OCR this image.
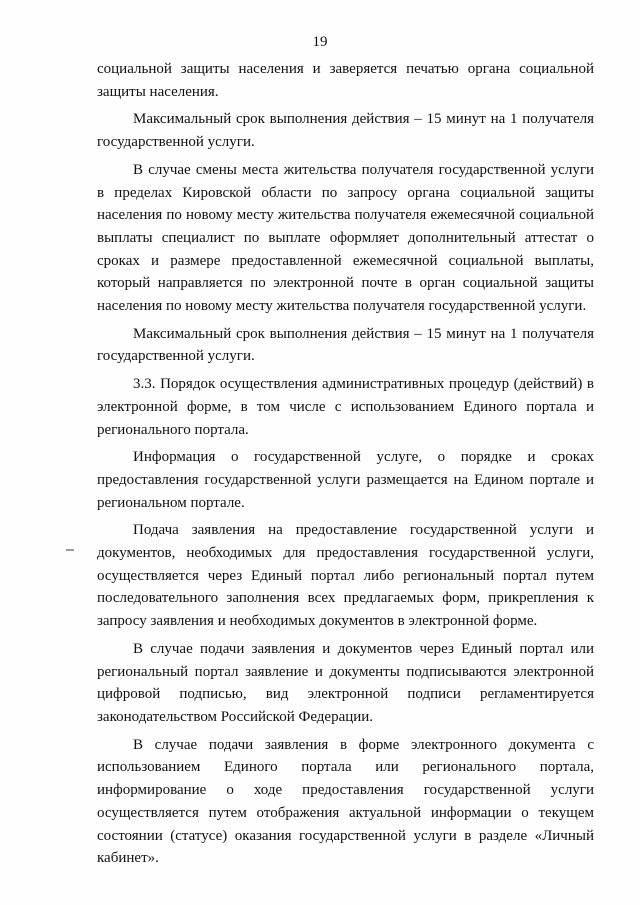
19

социальной защиты населения и заверяется печатью органа социальной защиты населения.

Максимальный срок выполнения действия – 15 минут на 1 получателя государственной услуги.

В случае смены места жительства получателя государственной услуги в пределах Кировской области по запросу органа социальной защиты населения по новому месту жительства получателя ежемесячной социальной выплаты специалист по выплате оформляет дополнительный аттестат о сроках и размере предоставленной ежемесячной социальной выплаты, который направляется по электронной почте в орган социальной защиты населения по новому месту жительства получателя государственной услуги.

Максимальный срок выполнения действия – 15 минут на 1 получателя государственной услуги.

3.3. Порядок осуществления административных процедур (действий) в электронной форме, в том числе с использованием Единого портала и регионального портала.

Информация о государственной услуге, о порядке и сроках предоставления государственной услуги размещается на Едином портале и региональном портале.

Подача заявления на предоставление государственной услуги и документов, необходимых для предоставления государственной услуги, осуществляется через Единый портал либо региональный портал путем последовательного заполнения всех предлагаемых форм, прикрепления к запросу заявления и необходимых документов в электронной форме.

В случае подачи заявления и документов через Единый портал или региональный портал заявление и документы подписываются электронной цифровой подписью, вид электронной подписи регламентируется законодательством Российской Федерации.

В случае подачи заявления в форме электронного документа с использованием Единого портала или регионального портала, информирование о ходе предоставления государственной услуги осуществляется путем отображения актуальной информации о текущем состоянии (статусе) оказания государственной услуги в разделе «Личный кабинет».
